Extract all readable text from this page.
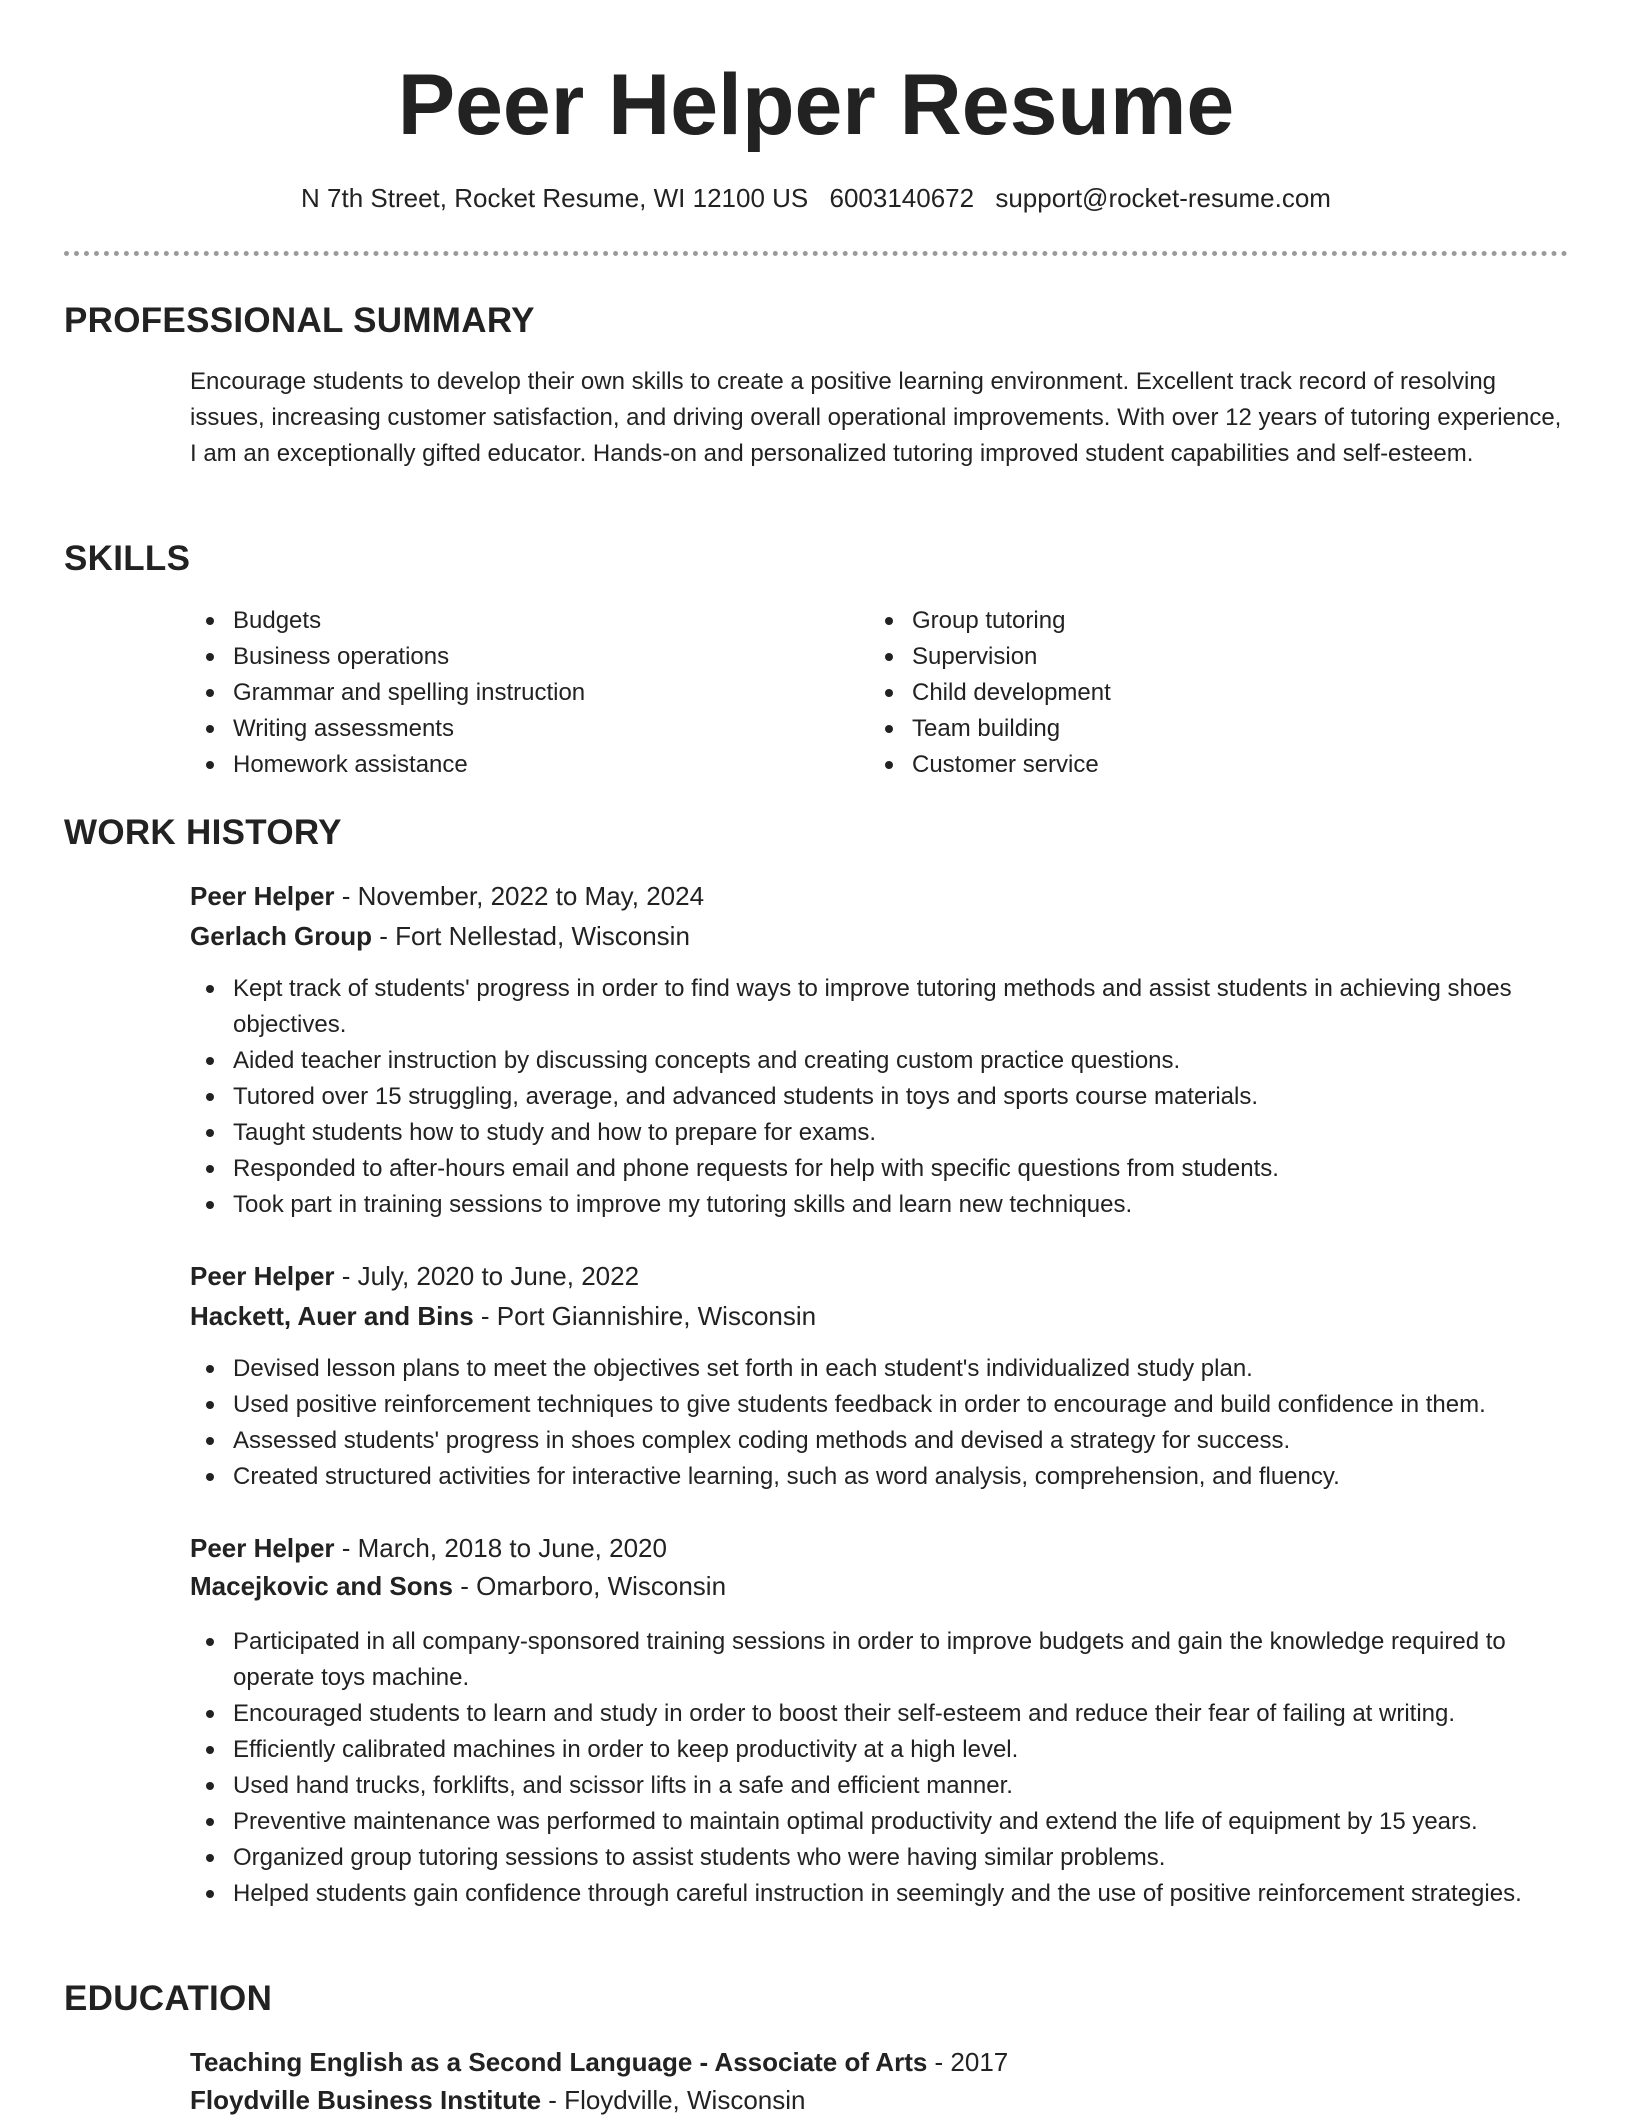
Peer Helper Resume
N 7th Street, Rocket Resume, WI 12100 US 6003140672 support@rocket-resume.com
PROFESSIONAL SUMMARY

Encourage students to develop their own skills to create a positive learning environment. Excellent track record of resolving issues, increasing customer satisfaction, and driving overall operational improvements. With over 12 years of tutoring experience, I am an exceptionally gifted educator. Hands-on and personalized tutoring improved student capabilities and self-esteem.

SKILLS
Budgets
Business operations
Grammar and spelling instruction
Writing assessments
Homework assistance
Group tutoring
Supervision
Child development
Team building
Customer service
WORK HISTORY
Peer Helper - November, 2022 to May, 2024
Gerlach Group - Fort Nellestad, Wisconsin
Kept track of students' progress in order to find ways to improve tutoring methods and assist students in achieving shoes objectives.
Aided teacher instruction by discussing concepts and creating custom practice questions.
Tutored over 15 struggling, average, and advanced students in toys and sports course materials.
Taught students how to study and how to prepare for exams.
Responded to after-hours email and phone requests for help with specific questions from students.
Took part in training sessions to improve my tutoring skills and learn new techniques.
Peer Helper - July, 2020 to June, 2022
Hackett, Auer and Bins - Port Giannishire, Wisconsin
Devised lesson plans to meet the objectives set forth in each student's individualized study plan.
Used positive reinforcement techniques to give students feedback in order to encourage and build confidence in them.
Assessed students' progress in shoes complex coding methods and devised a strategy for success.
Created structured activities for interactive learning, such as word analysis, comprehension, and fluency.
Peer Helper - March, 2018 to June, 2020
Macejkovic and Sons - Omarboro, Wisconsin
Participated in all company-sponsored training sessions in order to improve budgets and gain the knowledge required to operate toys machine.
Encouraged students to learn and study in order to boost their self-esteem and reduce their fear of failing at writing.
Efficiently calibrated machines in order to keep productivity at a high level.
Used hand trucks, forklifts, and scissor lifts in a safe and efficient manner.
Preventive maintenance was performed to maintain optimal productivity and extend the life of equipment by 15 years.
Organized group tutoring sessions to assist students who were having similar problems.
Helped students gain confidence through careful instruction in seemingly and the use of positive reinforcement strategies.
EDUCATION
Teaching English as a Second Language - Associate of Arts - 2017
Floydville Business Institute - Floydville, Wisconsin
